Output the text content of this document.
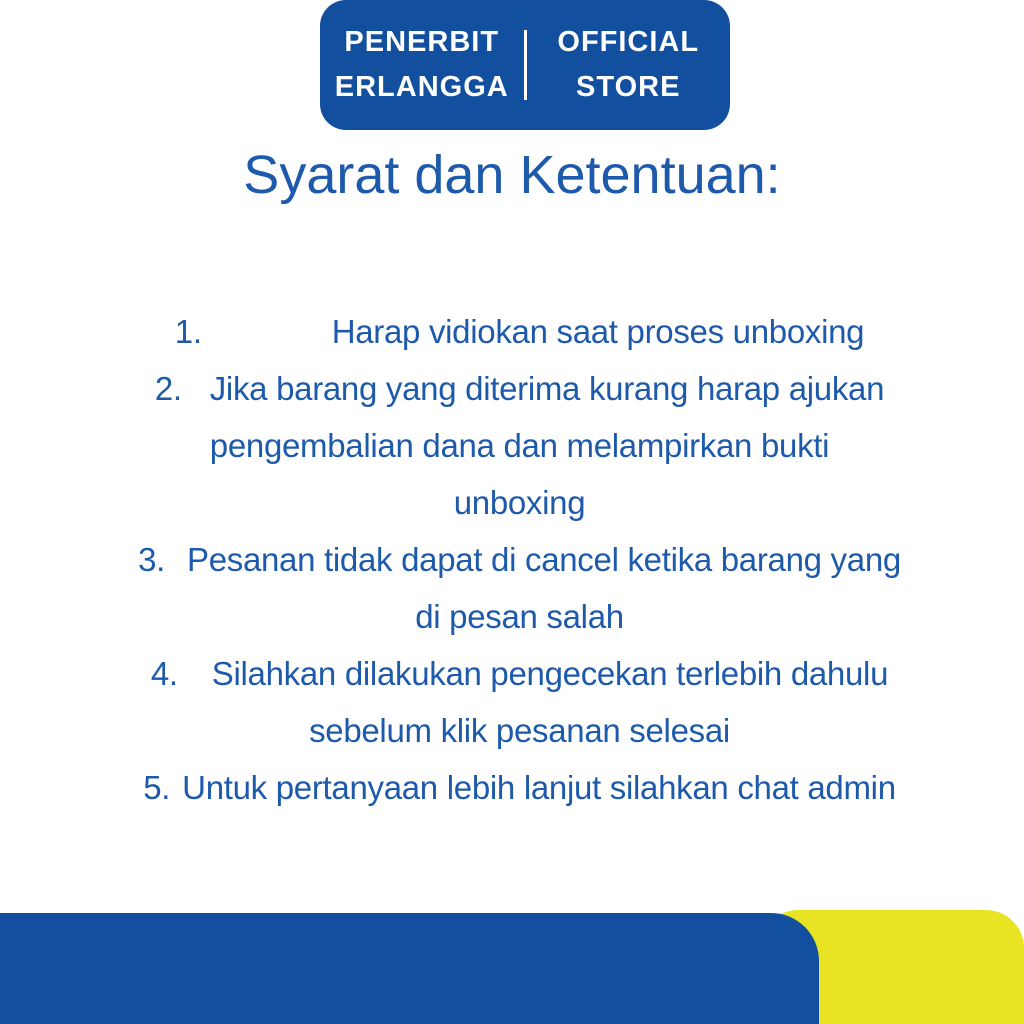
PENERBIT
ERLANGGA
OFFICIAL
STORE
Syarat dan Ketentuan:
1.	Harap vidiokan saat proses unboxing
2. Jika barang yang diterima kurang harap ajukan
pengembalian dana dan melampirkan bukti
unboxing
3. Pesanan tidak dapat di cancel ketika barang yang
di pesan salah
4. Silahkan dilakukan pengecekan terlebih dahulu
sebelum klik pesanan selesai
5. Untuk pertanyaan lebih lanjut silahkan chat admin
